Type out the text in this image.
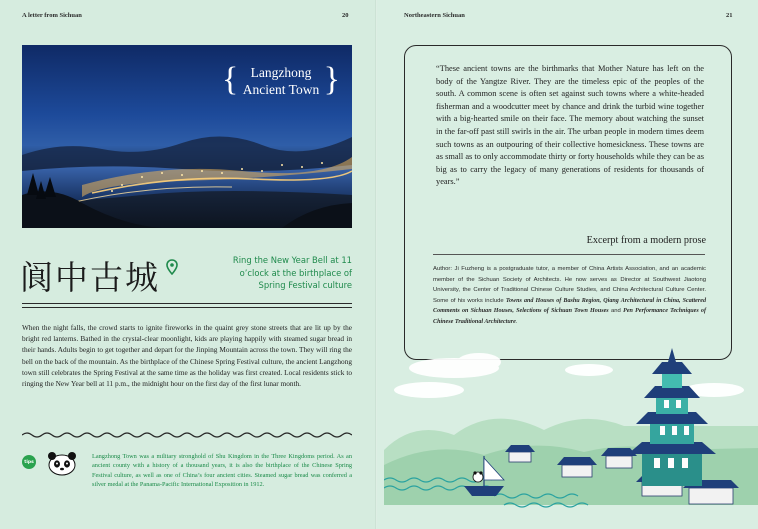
A letter from Sichuan	20	Northeastern Sichuan	21
{ Langzhong
Ancient Town }
阆中古城	Ring the New Year Bell at 11 o’clock at the birthplace of Spring Festival culture
When the night falls, the crowd starts to ignite fireworks in the quaint grey stone streets that are lit up by the bright red lanterns. Bathed in the crystal-clear moonlight, kids are playing happily with steamed sugar bread in their hands. Adults begin to get together and depart for the Jinping Mountain across the town. They will ring the bell on the back of the mountain. As the birthplace of the Chinese Spring Festival culture, the ancient Langzhong town still celebrates the Spring Festival at the same time as the holiday was first created. Local residents stick to ringing the New Year bell at 11 p.m., the midnight hour on the first day of the first lunar month.
tips
Langzhong Town was a military stronghold of Shu Kingdom in the Three Kingdoms period. As an ancient county with a history of a thousand years, it is also the birthplace of the Chinese Spring Festival culture, as well as one of China’s four ancient cities. Steamed sugar bread was conferred a silver medal at the Panama-Pacific International Exposition in 1912.
“These ancient towns are the birthmarks that Mother Nature has left on the body of the Yangtze River. They are the timeless epic of the peoples of the south. A common scene is often set against such towns where a white-headed fisherman and a woodcutter meet by chance and drink the turbid wine together with a big-hearted smile on their face. The memory about watching the sunset in the far-off past still swirls in the air. The urban people in modern times deem such towns as an outpouring of their collective homesickness. These towns are as small as to only accommodate thirty or forty households while they can be as big as to carry the legacy of many generations of residents for thousands of years.”
Excerpt from a modern prose
Author: Ji Fuzheng is a postgraduate tutor, a member of China Artists Association, and an academic member of the Sichuan Society of Architects. He now serves as Director at Southwest Jiaotong University, the Center of Traditional Chinese Culture Studies, and China Architectural Culture Center. Some of his works include Towns and Houses of Bashu Region, Qiang Architectural in China, Scattered Comments on Sichuan Houses, Selections of Sichuan Town Houses and Pen Performance Techniques of Chinese Traditional Architecture.
